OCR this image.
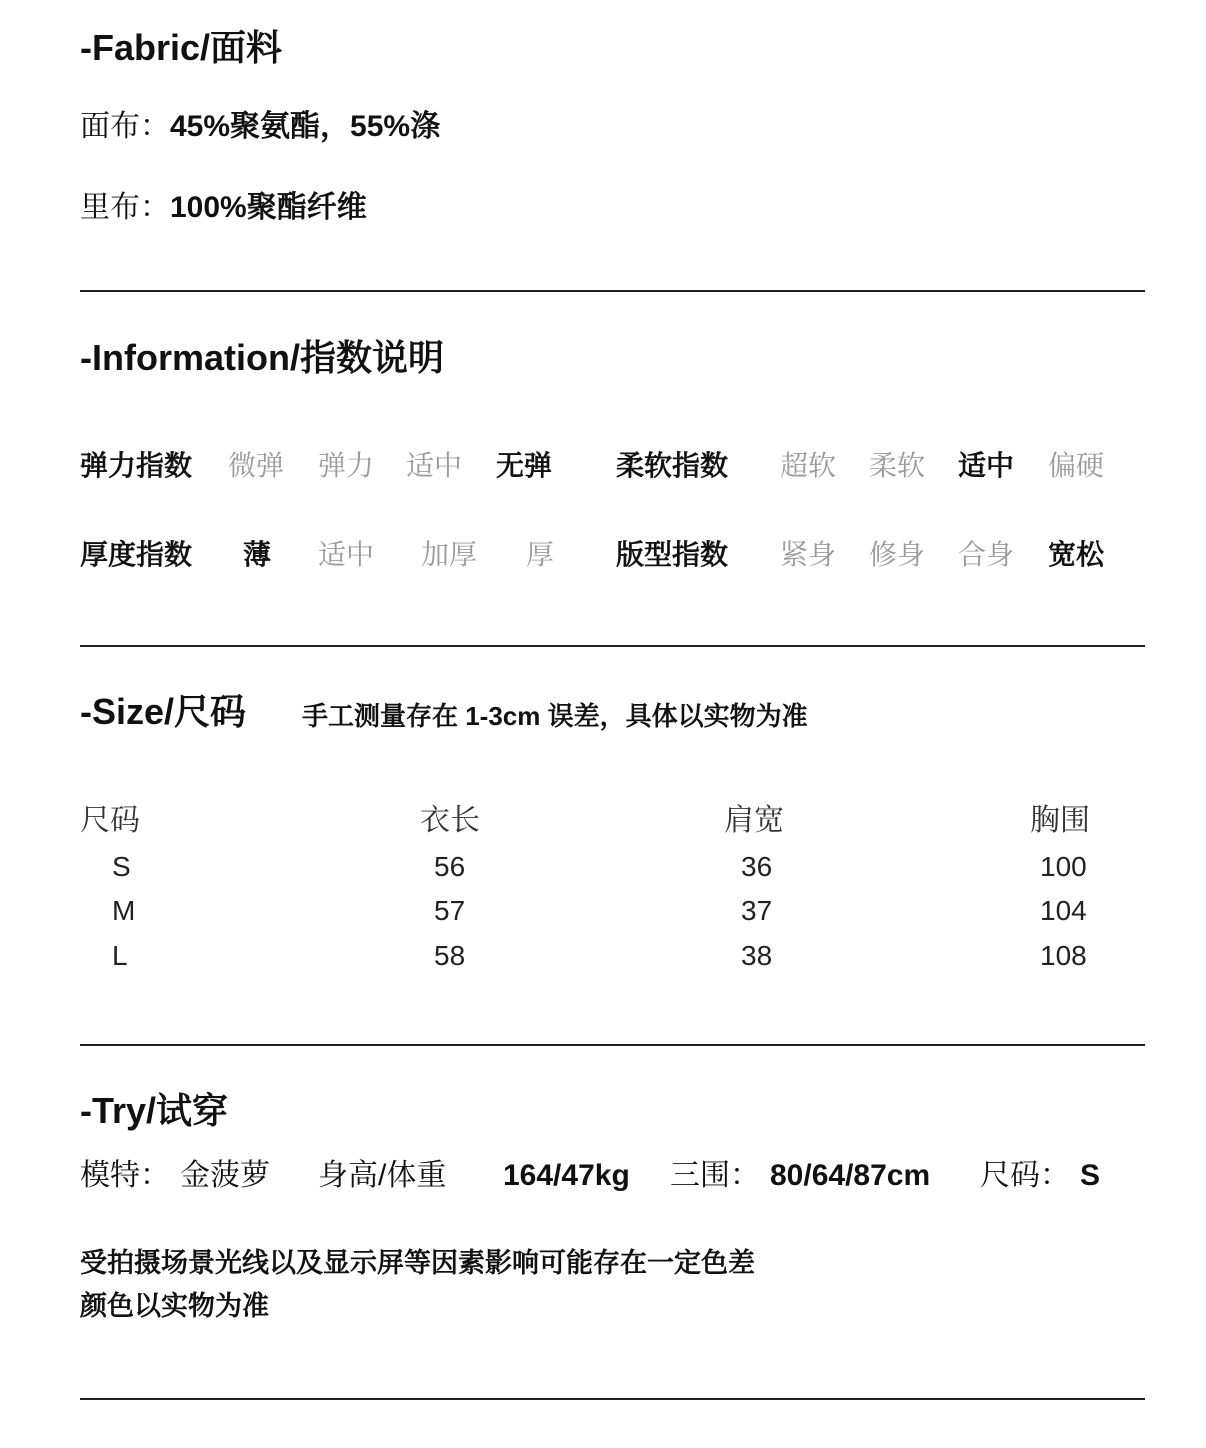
-Fabric/面料
面布：45%聚氨酯，55%涤
里布：100%聚酯纤维
-Information/指数说明
弹力指数 微弹 弹力 适中 无弹 柔软指数 超软 柔软 适中 偏硬
厚度指数 薄 适中 加厚 厚 版型指数 紧身 修身 合身 宽松
-Size/尺码 手工测量存在 1-3cm 误差，具体以实物为准
尺码	衣长	肩宽	胸围
S	56	36	100
M	57	37	104
L	58	38	108
-Try/试穿
模特： 金菠萝 身高/体重 164/47kg 三围： 80/64/87cm 尺码： S
受拍摄场景光线以及显示屏等因素影响可能存在一定色差
颜色以实物为准
